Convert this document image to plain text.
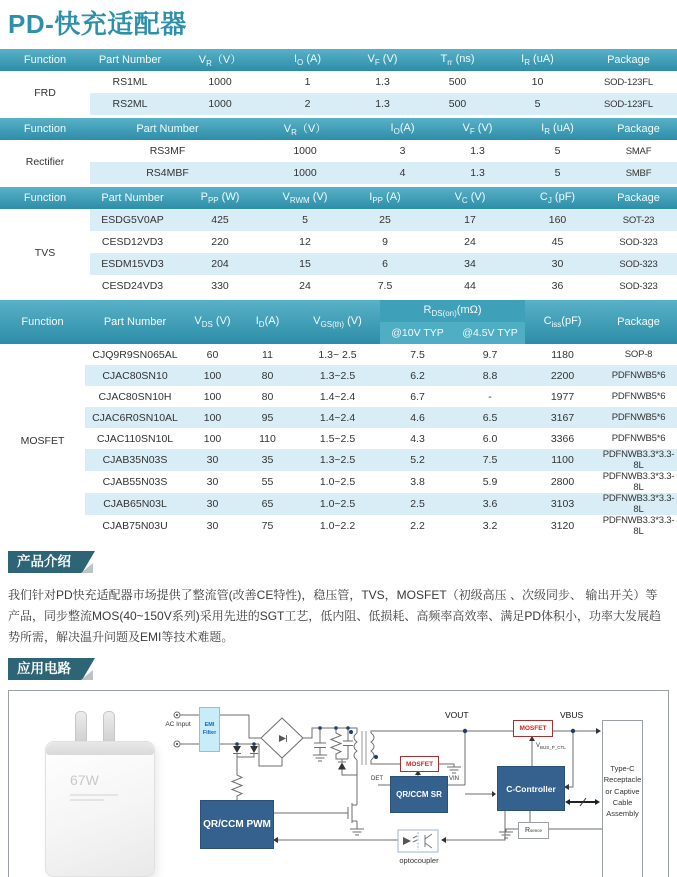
PD-快充适配器
Function	Part Number	$V_R(V)$	$I_O$ (A)	$V_F$ (V)	$T_{rr}$ (ns)	$I_R$ (uA)	Package
FRD	RS1ML	1000	1	1.3	500	10	SOD-123FL
	RS2ML	1000	2	1.3	500	5	SOD-123FL
Function	Part Number	$V_R(V)$	$I_O(A)$	$V_F$ (V)	$I_R$ (uA)	Package
Rectifier	RS3MF	1000	3	1.3	5	SMAF
	RS4MBF	1000	4	1.3	5	SMBF
Function	Part Number	$P_{PP}$ (W)	$V_{RWM}$ (V)	$I_{PP}$ (A)	$V_C$ (V)	$C_J$ (pF)	Package
TVS	ESDG5V0AP	425	5	25	17	160	SOT-23
	CESD12VD3	220	12	9	24	45	SOD-323
	ESDM15VD3	204	15	6	34	30	SOD-323
	CESD24VD3	330	24	7.5	44	36	SOD-323
Function	Part Number	$V_{DS}$ (V)	$I_D(A)$	$V_{GS(th)}$ (V)	$R_{DS(on)}(m\Omega)$		$C_{iss}(pF)$	Package
					@10V TYP	@4.5V TYP		
MOSFET	CJQ9R9SN065AL	60	11	1.3~ 2.5	7.5	9.7	1180	SOP-8
	CJAC80SN10	100	80	1.3~2.5	6.2	8.8	2200	PDFNWB5*6
	CJAC80SN10H	100	80	1.4~2.4	6.7	-	1977	PDFNWB5*6
	CJAC6R0SN10AL	100	95	1.4~2.4	4.6	6.5	3167	PDFNWB5*6
	CJAC110SN10L	100	110	1.5~2.5	4.3	6.0	3366	PDFNWB5*6
	CJAB35N03S	30	35	1.3~2.5	5.2	7.5	1100	PDFNWB3.3*3.3-8L
	CJAB55N03S	30	55	1.0~2.5	3.8	5.9	2800	PDFNWB3.3*3.3-8L
	CJAB65N03L	30	65	1.0~2.5	2.5	3.6	3103	PDFNWB3.3*3.3-8L
	CJAB75N03U	30	75	1.0~2.2	2.2	3.2	3120	PDFNWB3.3*3.3-8L
产品介绍

我们针对PD快充适配器市场提供了整流管(改善CE特性)，稳压管，TVS，MOSFET（初级高压 、次级同步、 输出开关）等产品，同步整流MOS(40~150V系列)采用先进的SGT工艺，低内阻、低损耗、高频率高效率、满足PD体积小，功率大发展趋势所需，解决温升问题及EMI等技术难题。

应用电路
67W
AC Input	EMI Filter
QR/CCM PWM
MOSFET
QR/CCM SR
DET	VIN
VOUT
MOSFET
VBUS
$V_{BUS\_P\_CTL}$
C-Controller
R sence
optocoupler
Type-C Receptacle or Captive Cable Assembly
